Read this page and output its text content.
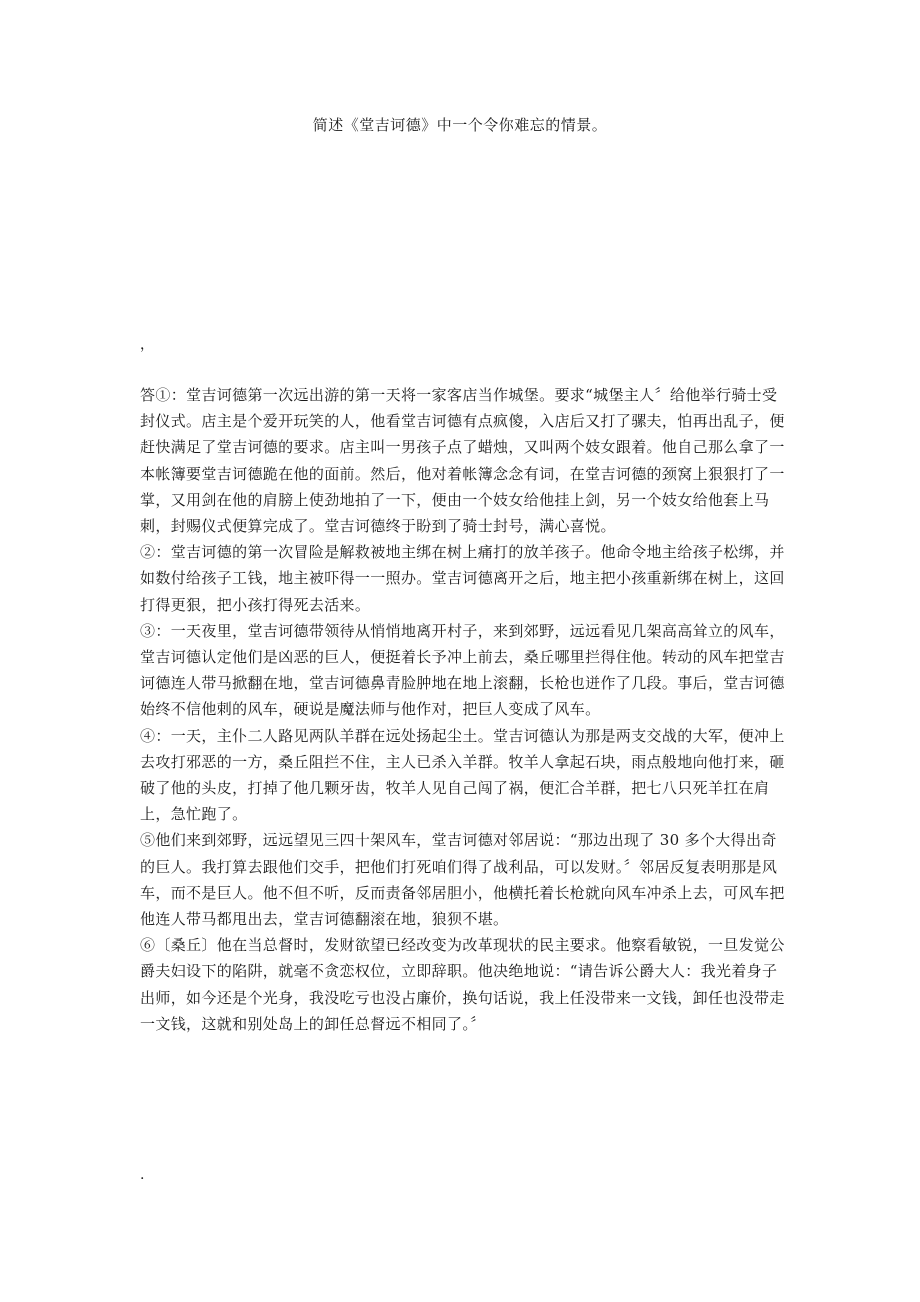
简述《堂吉诃德》中一个令你难忘的情景。
，

答①：堂吉诃德第一次远出游的第一天将一家客店当作城堡。要求“城堡主人〞给他举行骑士受封仪式。店主是个爱开玩笑的人，他看堂吉诃德有点疯傻，入店后又打了骡夫，怕再出乱子，便赶快满足了堂吉诃德的要求。店主叫一男孩子点了蜡烛，又叫两个妓女跟着。他自己那么拿了一本帐簿要堂吉诃德跪在他的面前。然后，他对着帐簿念念有词，在堂吉诃德的颈窝上狠狠打了一掌，又用剑在他的肩膀上使劲地拍了一下，便由一个妓女给他挂上剑，另一个妓女给他套上马刺，封赐仪式便算完成了。堂吉诃德终于盼到了骑士封号，满心喜悦。

②：堂吉诃德的第一次冒险是解救被地主绑在树上痛打的放羊孩子。他命令地主给孩子松绑，并如数付给孩子工钱，地主被吓得一一照办。堂吉诃德离开之后，地主把小孩重新绑在树上，这回打得更狠，把小孩打得死去活来。

③：一天夜里，堂吉诃德带领待从悄悄地离开村子，来到郊野，远远看见几架高高耸立的风车，堂吉诃德认定他们是凶恶的巨人，便挺着长予冲上前去，桑丘哪里拦得住他。转动的风车把堂吉诃德连人带马掀翻在地，堂吉诃德鼻青脸肿地在地上滚翻，长枪也迸作了几段。事后，堂吉诃德始终不信他剌的风车，硬说是魔法师与他作对，把巨人变成了风车。

④：一天，主仆二人路见两队羊群在远处扬起尘土。堂吉诃德认为那是两支交战的大军，便冲上去攻打邪恶的一方，桑丘阻拦不住，主人已杀入羊群。牧羊人拿起石块，雨点般地向他打来，砸破了他的头皮，打掉了他几颗牙齿，牧羊人见自己闯了祸，便汇合羊群，把七八只死羊扛在肩上，急忙跑了。

⑤他们来到郊野，远远望见三四十架风车，堂吉诃德对邻居说：“那边出现了 30 多个大得出奇的巨人。我打算去跟他们交手，把他们打死咱们得了战利品，可以发财。〞邻居反复表明那是风车，而不是巨人。他不但不听，反而责备邻居胆小，他横托着长枪就向风车冲杀上去，可风车把他连人带马都甩出去，堂吉诃德翻滚在地，狼狈不堪。

⑥〔桑丘〕他在当总督时，发财欲望已经改变为改革现状的民主要求。他察看敏锐，一旦发觉公爵夫妇设下的陷阱，就毫不贪恋权位，立即辞职。他决绝地说：“请告诉公爵大人：我光着身子出师，如今还是个光身，我没吃亏也没占廉价，换句话说，我上任没带来一文钱，卸任也没带走一文钱，这就和别处岛上的卸任总督远不相同了。〞

.
